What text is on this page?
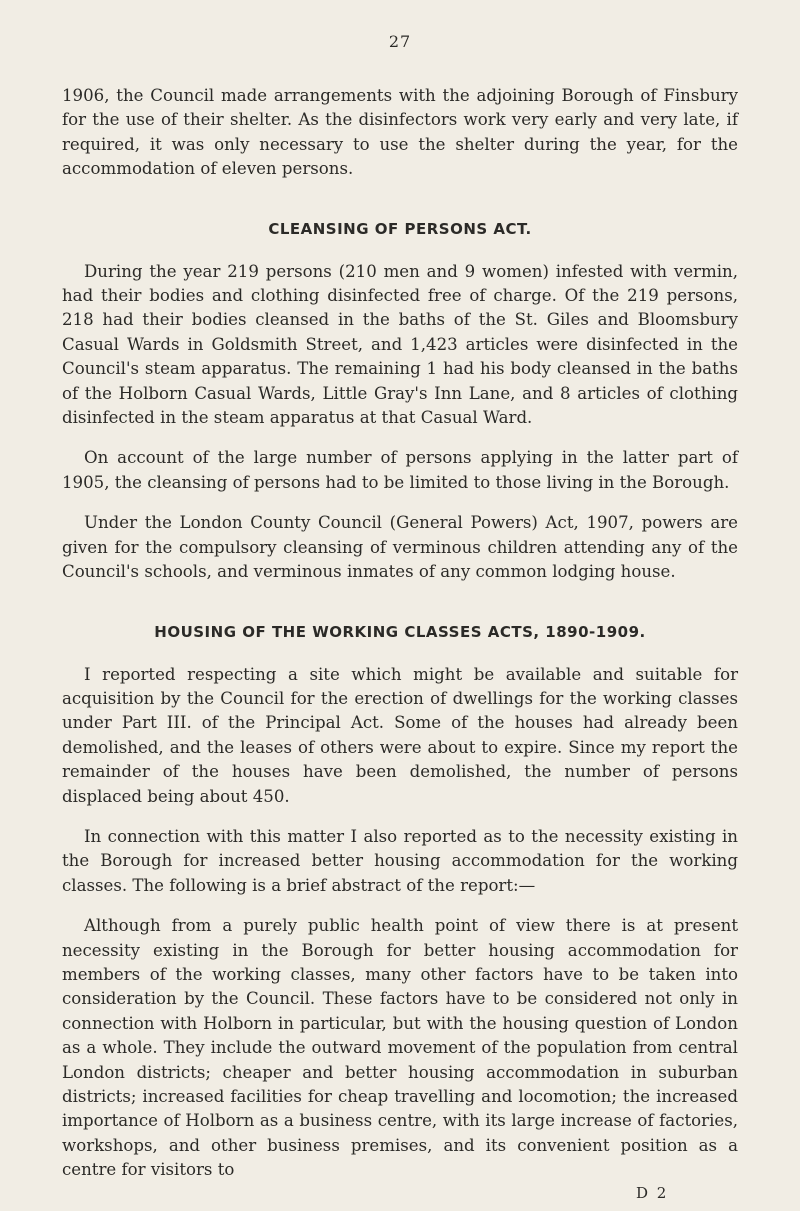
27

1906, the Council made arrangements with the adjoining Borough of Finsbury for the use of their shelter. As the disinfectors work very early and very late, if required, it was only necessary to use the shelter during the year, for the accommodation of eleven persons.

CLEANSING OF PERSONS ACT.

During the year 219 persons (210 men and 9 women) infested with vermin, had their bodies and clothing disinfected free of charge. Of the 219 persons, 218 had their bodies cleansed in the baths of the St. Giles and Bloomsbury Casual Wards in Goldsmith Street, and 1,423 articles were disinfected in the Council's steam apparatus. The remaining 1 had his body cleansed in the baths of the Holborn Casual Wards, Little Gray's Inn Lane, and 8 articles of clothing disinfected in the steam apparatus at that Casual Ward.

On account of the large number of persons applying in the latter part of 1905, the cleansing of persons had to be limited to those living in the Borough.

Under the London County Council (General Powers) Act, 1907, powers are given for the compulsory cleansing of verminous children attending any of the Council's schools, and verminous inmates of any common lodging house.

HOUSING OF THE WORKING CLASSES ACTS, 1890-1909.

I reported respecting a site which might be available and suitable for acquisition by the Council for the erection of dwellings for the working classes under Part III. of the Principal Act. Some of the houses had already been demolished, and the leases of others were about to expire. Since my report the remainder of the houses have been demolished, the number of persons displaced being about 450.

In connection with this matter I also reported as to the necessity existing in the Borough for increased better housing accommodation for the working classes. The following is a brief abstract of the report:—

Although from a purely public health point of view there is at present necessity existing in the Borough for better housing accommodation for members of the working classes, many other factors have to be taken into consideration by the Council. These factors have to be considered not only in connection with Holborn in particular, but with the housing question of London as a whole. They include the outward movement of the population from central London districts; cheaper and better housing accommodation in suburban districts; increased facilities for cheap travelling and locomotion; the increased importance of Holborn as a business centre, with its large increase of factories, workshops, and other business premises, and its convenient position as a centre for visitors to

D 2
